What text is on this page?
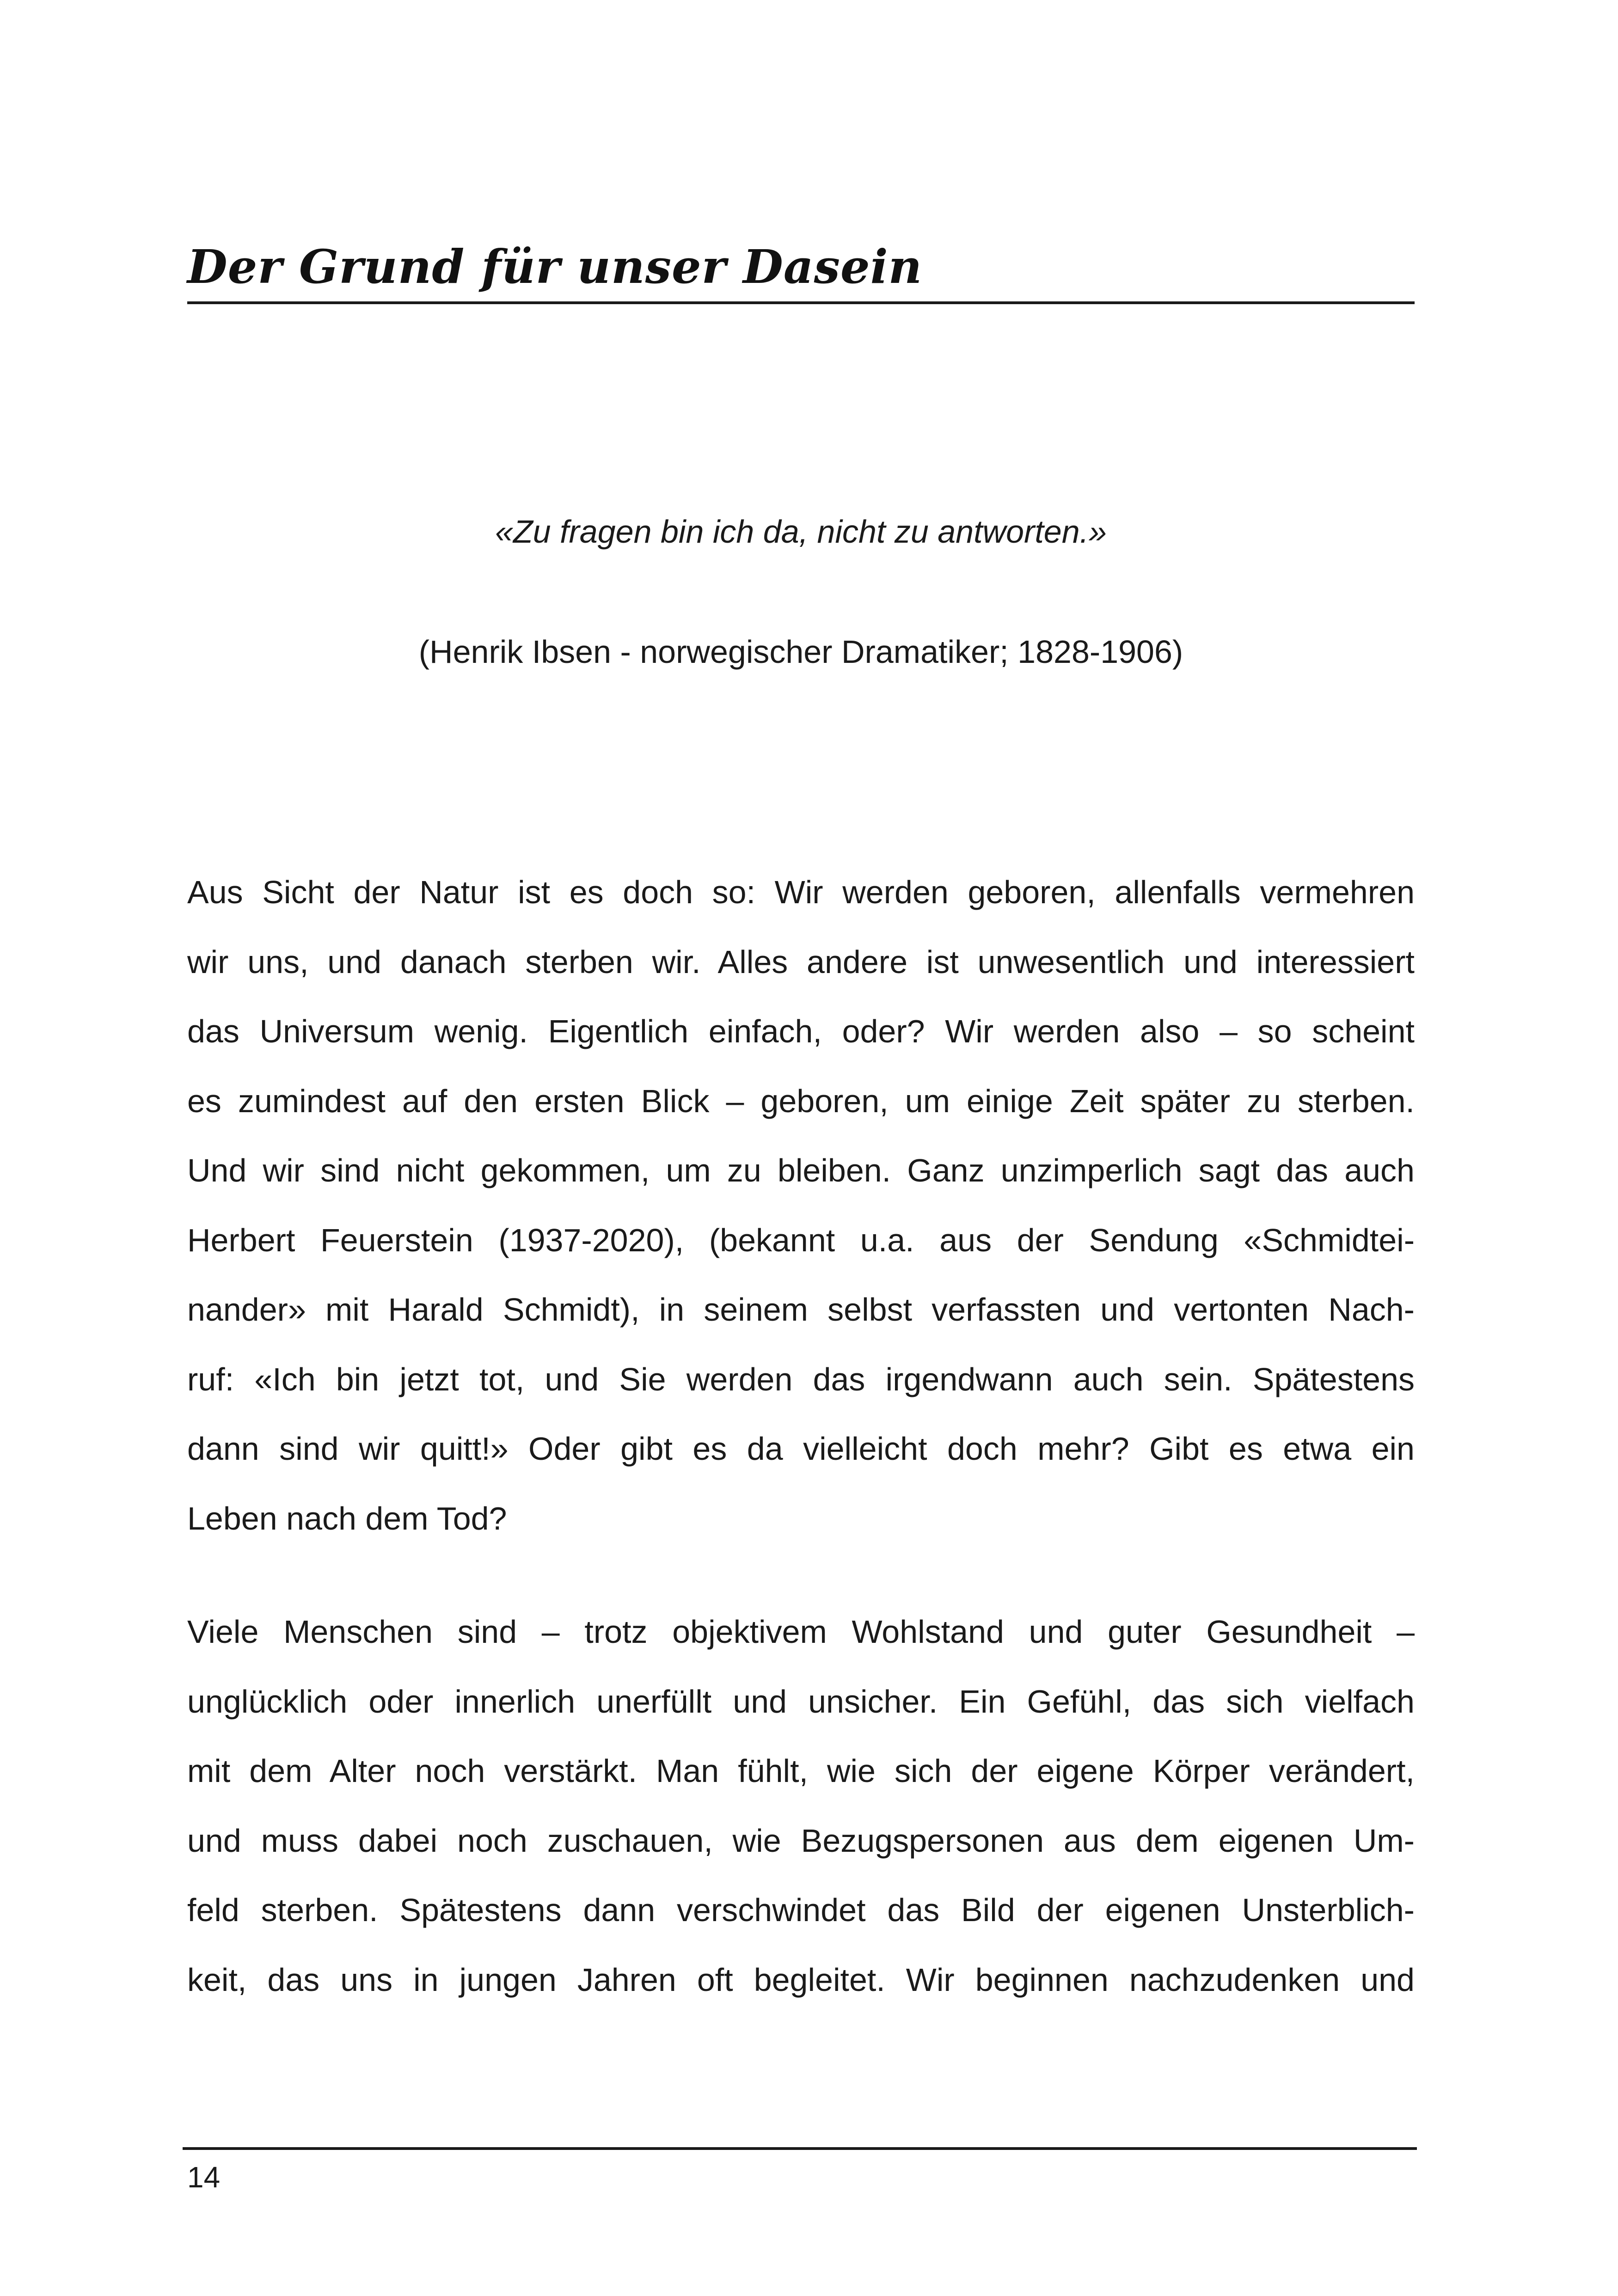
Der Grund für unser Dasein
«Zu fragen bin ich da, nicht zu antworten.»
(Henrik Ibsen - norwegischer Dramatiker; 1828-1906)
Aus Sicht der Natur ist es doch so: Wir werden geboren, allenfalls vermehren
wir uns, und danach sterben wir. Alles andere ist unwesentlich und interessiert
das Universum wenig. Eigentlich einfach, oder? Wir werden also – so scheint
es zumindest auf den ersten Blick – geboren, um einige Zeit später zu sterben.
Und wir sind nicht gekommen, um zu bleiben. Ganz unzimperlich sagt das auch
Herbert Feuerstein (1937-2020), (bekannt u.a. aus der Sendung «Schmidtei-
nander» mit Harald Schmidt), in seinem selbst verfassten und vertonten Nach-
ruf: «Ich bin jetzt tot, und Sie werden das irgendwann auch sein. Spätestens
dann sind wir quitt!» Oder gibt es da vielleicht doch mehr? Gibt es etwa ein
Leben nach dem Tod?
Viele Menschen sind – trotz objektivem Wohlstand und guter Gesundheit –
unglücklich oder innerlich unerfüllt und unsicher. Ein Gefühl, das sich vielfach
mit dem Alter noch verstärkt. Man fühlt, wie sich der eigene Körper verändert,
und muss dabei noch zuschauen, wie Bezugspersonen aus dem eigenen Um-
feld sterben. Spätestens dann verschwindet das Bild der eigenen Unsterblich-
keit, das uns in jungen Jahren oft begleitet. Wir beginnen nachzudenken und
14
